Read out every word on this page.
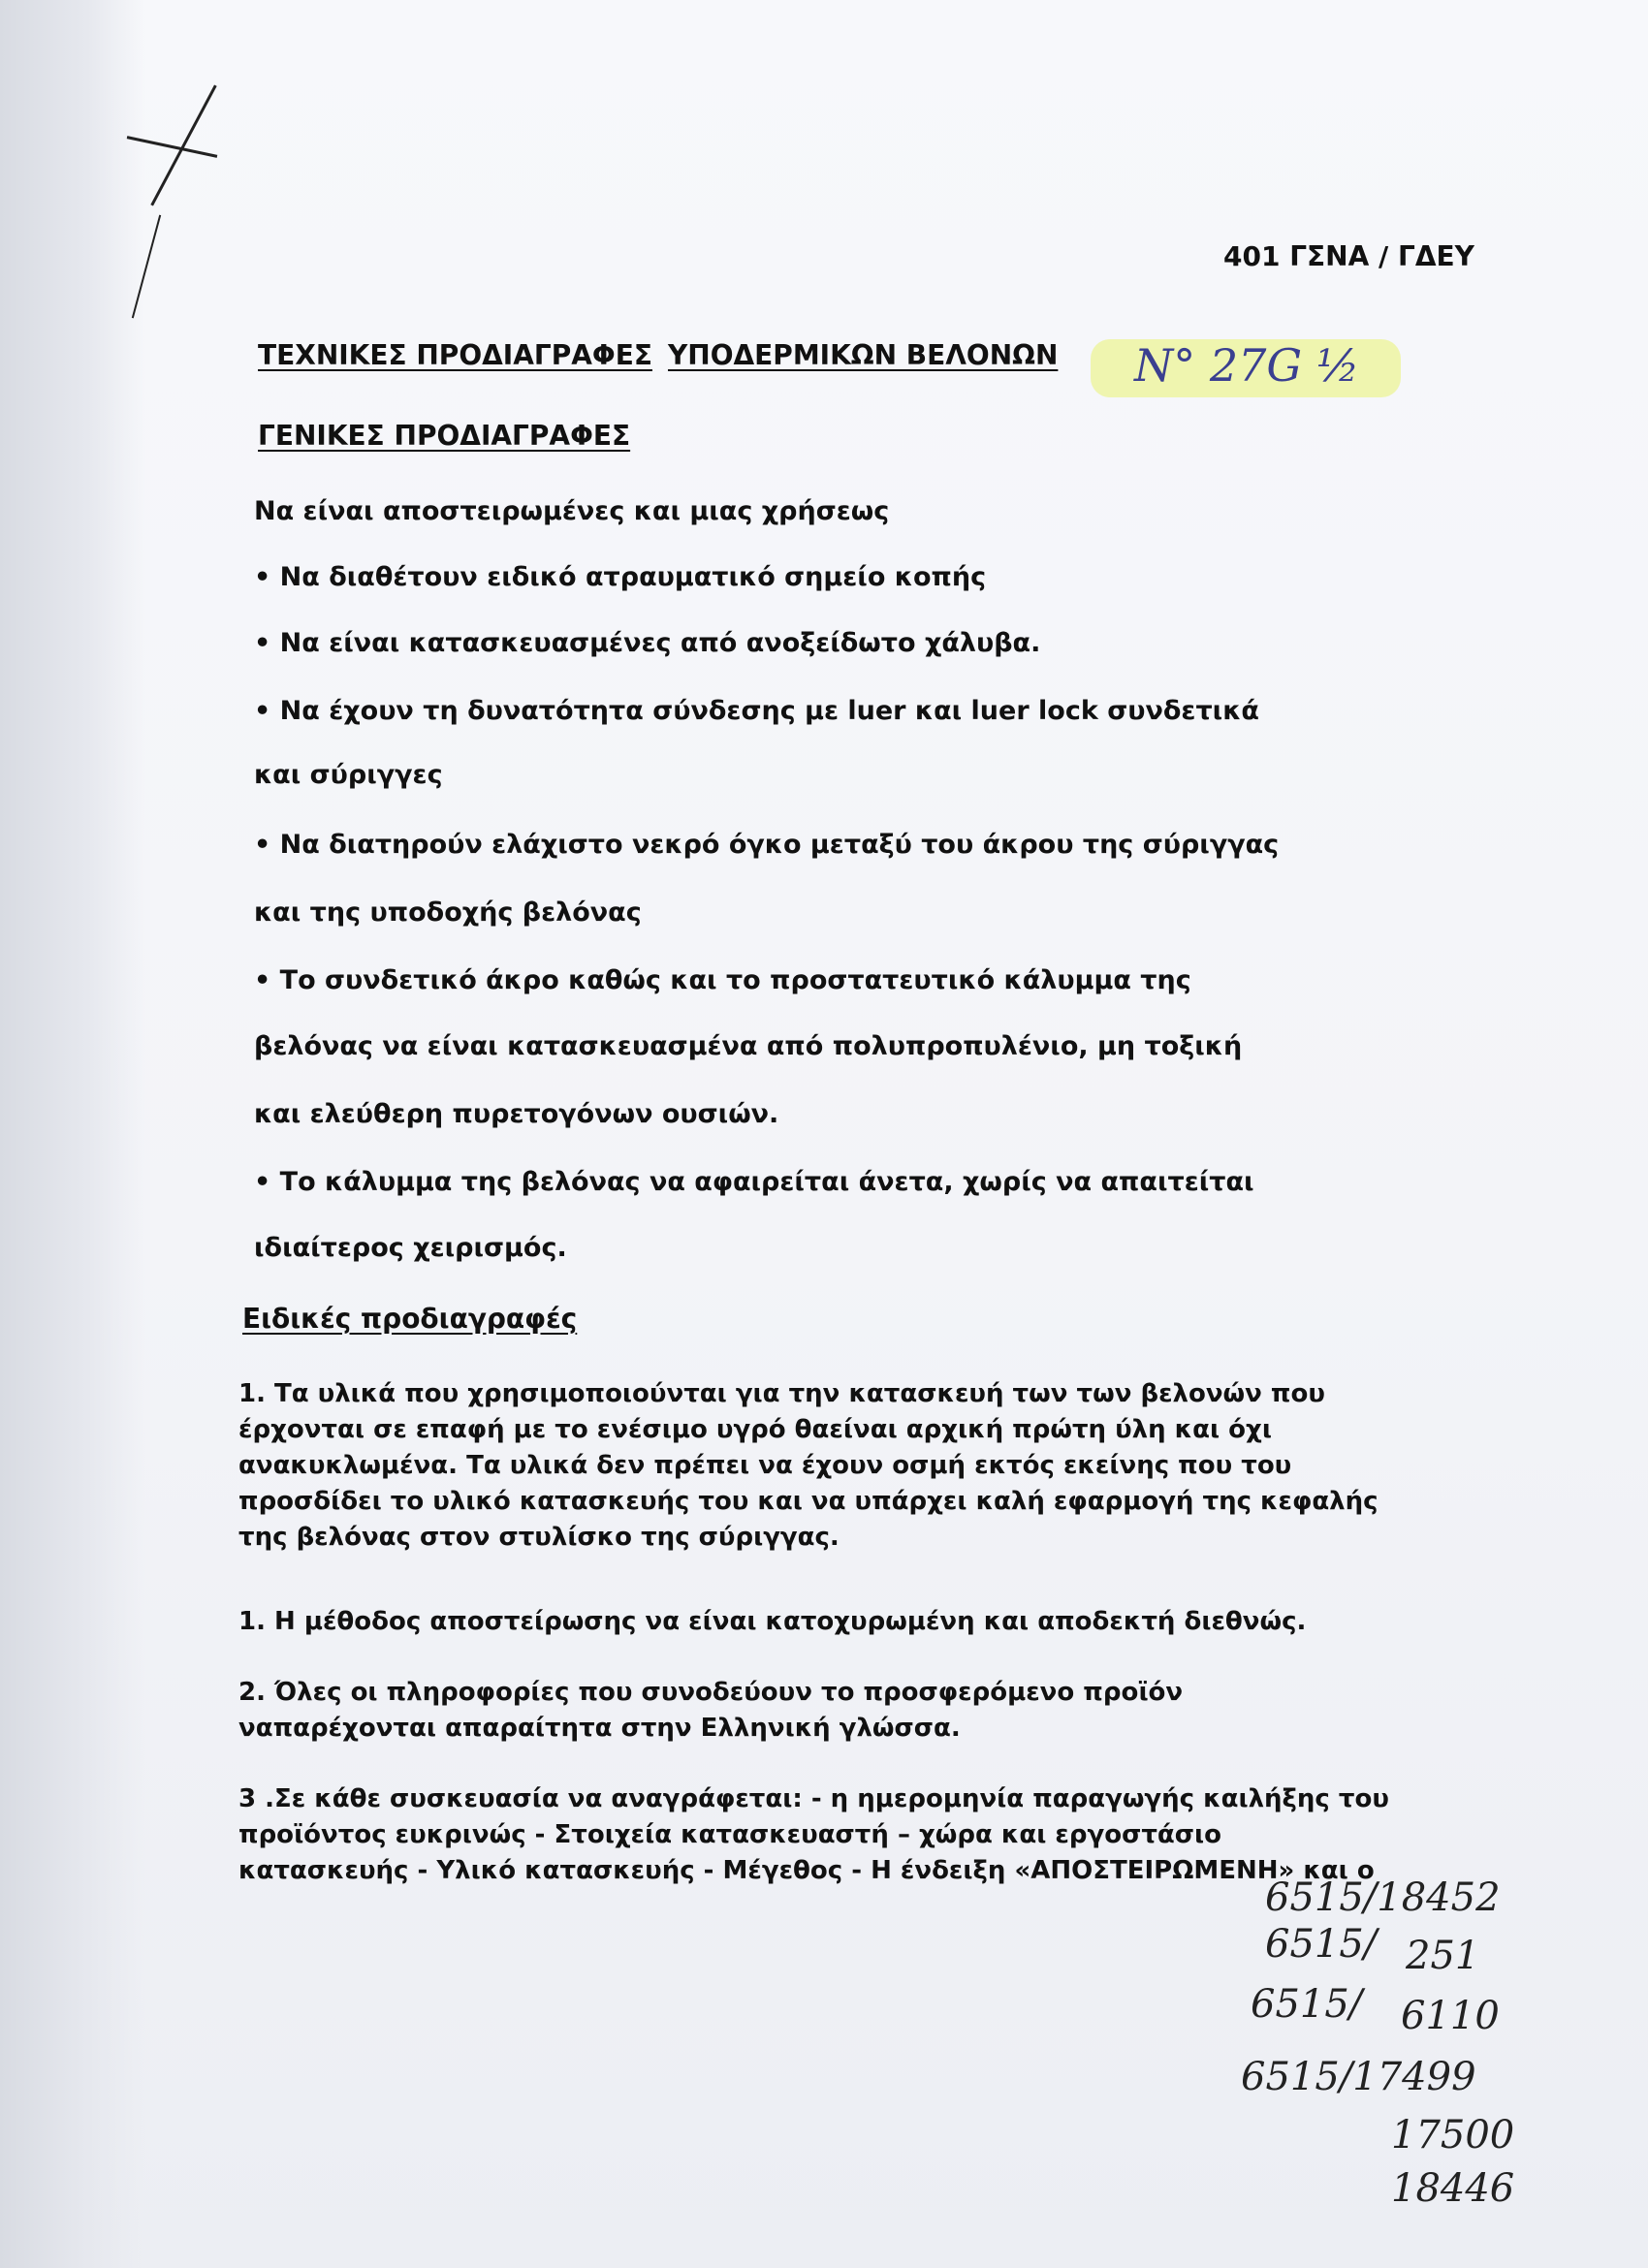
401 ΓΣΝΑ / ΓΔΕΥ
ΤΕΧΝΙΚΕΣ ΠΡΟΔΙΑΓΡΑΦΕΣ ΥΠΟΔΕΡΜΙΚΩΝ ΒΕΛΟΝΩΝ N° 27G ½
ΓΕΝΙΚΕΣ ΠΡΟΔΙΑΓΡΑΦΕΣ
Να είναι αποστειρωμένες και μιας χρήσεως
• Να διαθέτουν ειδικό ατραυματικό σημείο κοπής
• Να είναι κατασκευασμένες από ανοξείδωτο χάλυβα.
• Να έχουν τη δυνατότητα σύνδεσης με luer και luer lock συνδετικά
και σύριγγες
• Να διατηρούν ελάχιστο νεκρό όγκο μεταξύ του άκρου της σύριγγας
και της υποδοχής βελόνας
• Το συνδετικό άκρο καθώς και το προστατευτικό κάλυμμα της
βελόνας να είναι κατασκευασμένα από πολυπροπυλένιο, μη τοξική
και ελεύθερη πυρετογόνων ουσιών.
• Το κάλυμμα της βελόνας να αφαιρείται άνετα, χωρίς να απαιτείται
ιδιαίτερος χειρισμός.
Ειδικές προδιαγραφές

1. Τα υλικά που χρησιμοποιούνται για την κατασκευή των των βελονών που

έρχονται σε επαφή με το ενέσιμο υγρό θαείναι αρχική πρώτη ύλη και όχι

ανακυκλωμένα. Τα υλικά δεν πρέπει να έχουν οσμή εκτός εκείνης που του

προσδίδει το υλικό κατασκευής του και να υπάρχει καλή εφαρμογή της κεφαλής

της βελόνας στον στυλίσκο της σύριγγας.

1. Η μέθοδος αποστείρωσης να είναι κατοχυρωμένη και αποδεκτή διεθνώς.

2. Όλες οι πληροφορίες που συνοδεύουν το προσφερόμενο προϊόν

ναπαρέχονται απαραίτητα στην Ελληνική γλώσσα.

3 .Σε κάθε συσκευασία να αναγράφεται: - η ημερομηνία παραγωγής καιλήξης του

προϊόντος ευκρινώς - Στοιχεία κατασκευαστή – χώρα και εργοστάσιο

κατασκευής - Υλικό κατασκευής - Μέγεθος - Η ένδειξη «ΑΠΟΣΤΕΙΡΩΜΕΝΗ» και ο

6515/18452
6515/ 251
6515/ 6110
6515/17499
17500
18446
